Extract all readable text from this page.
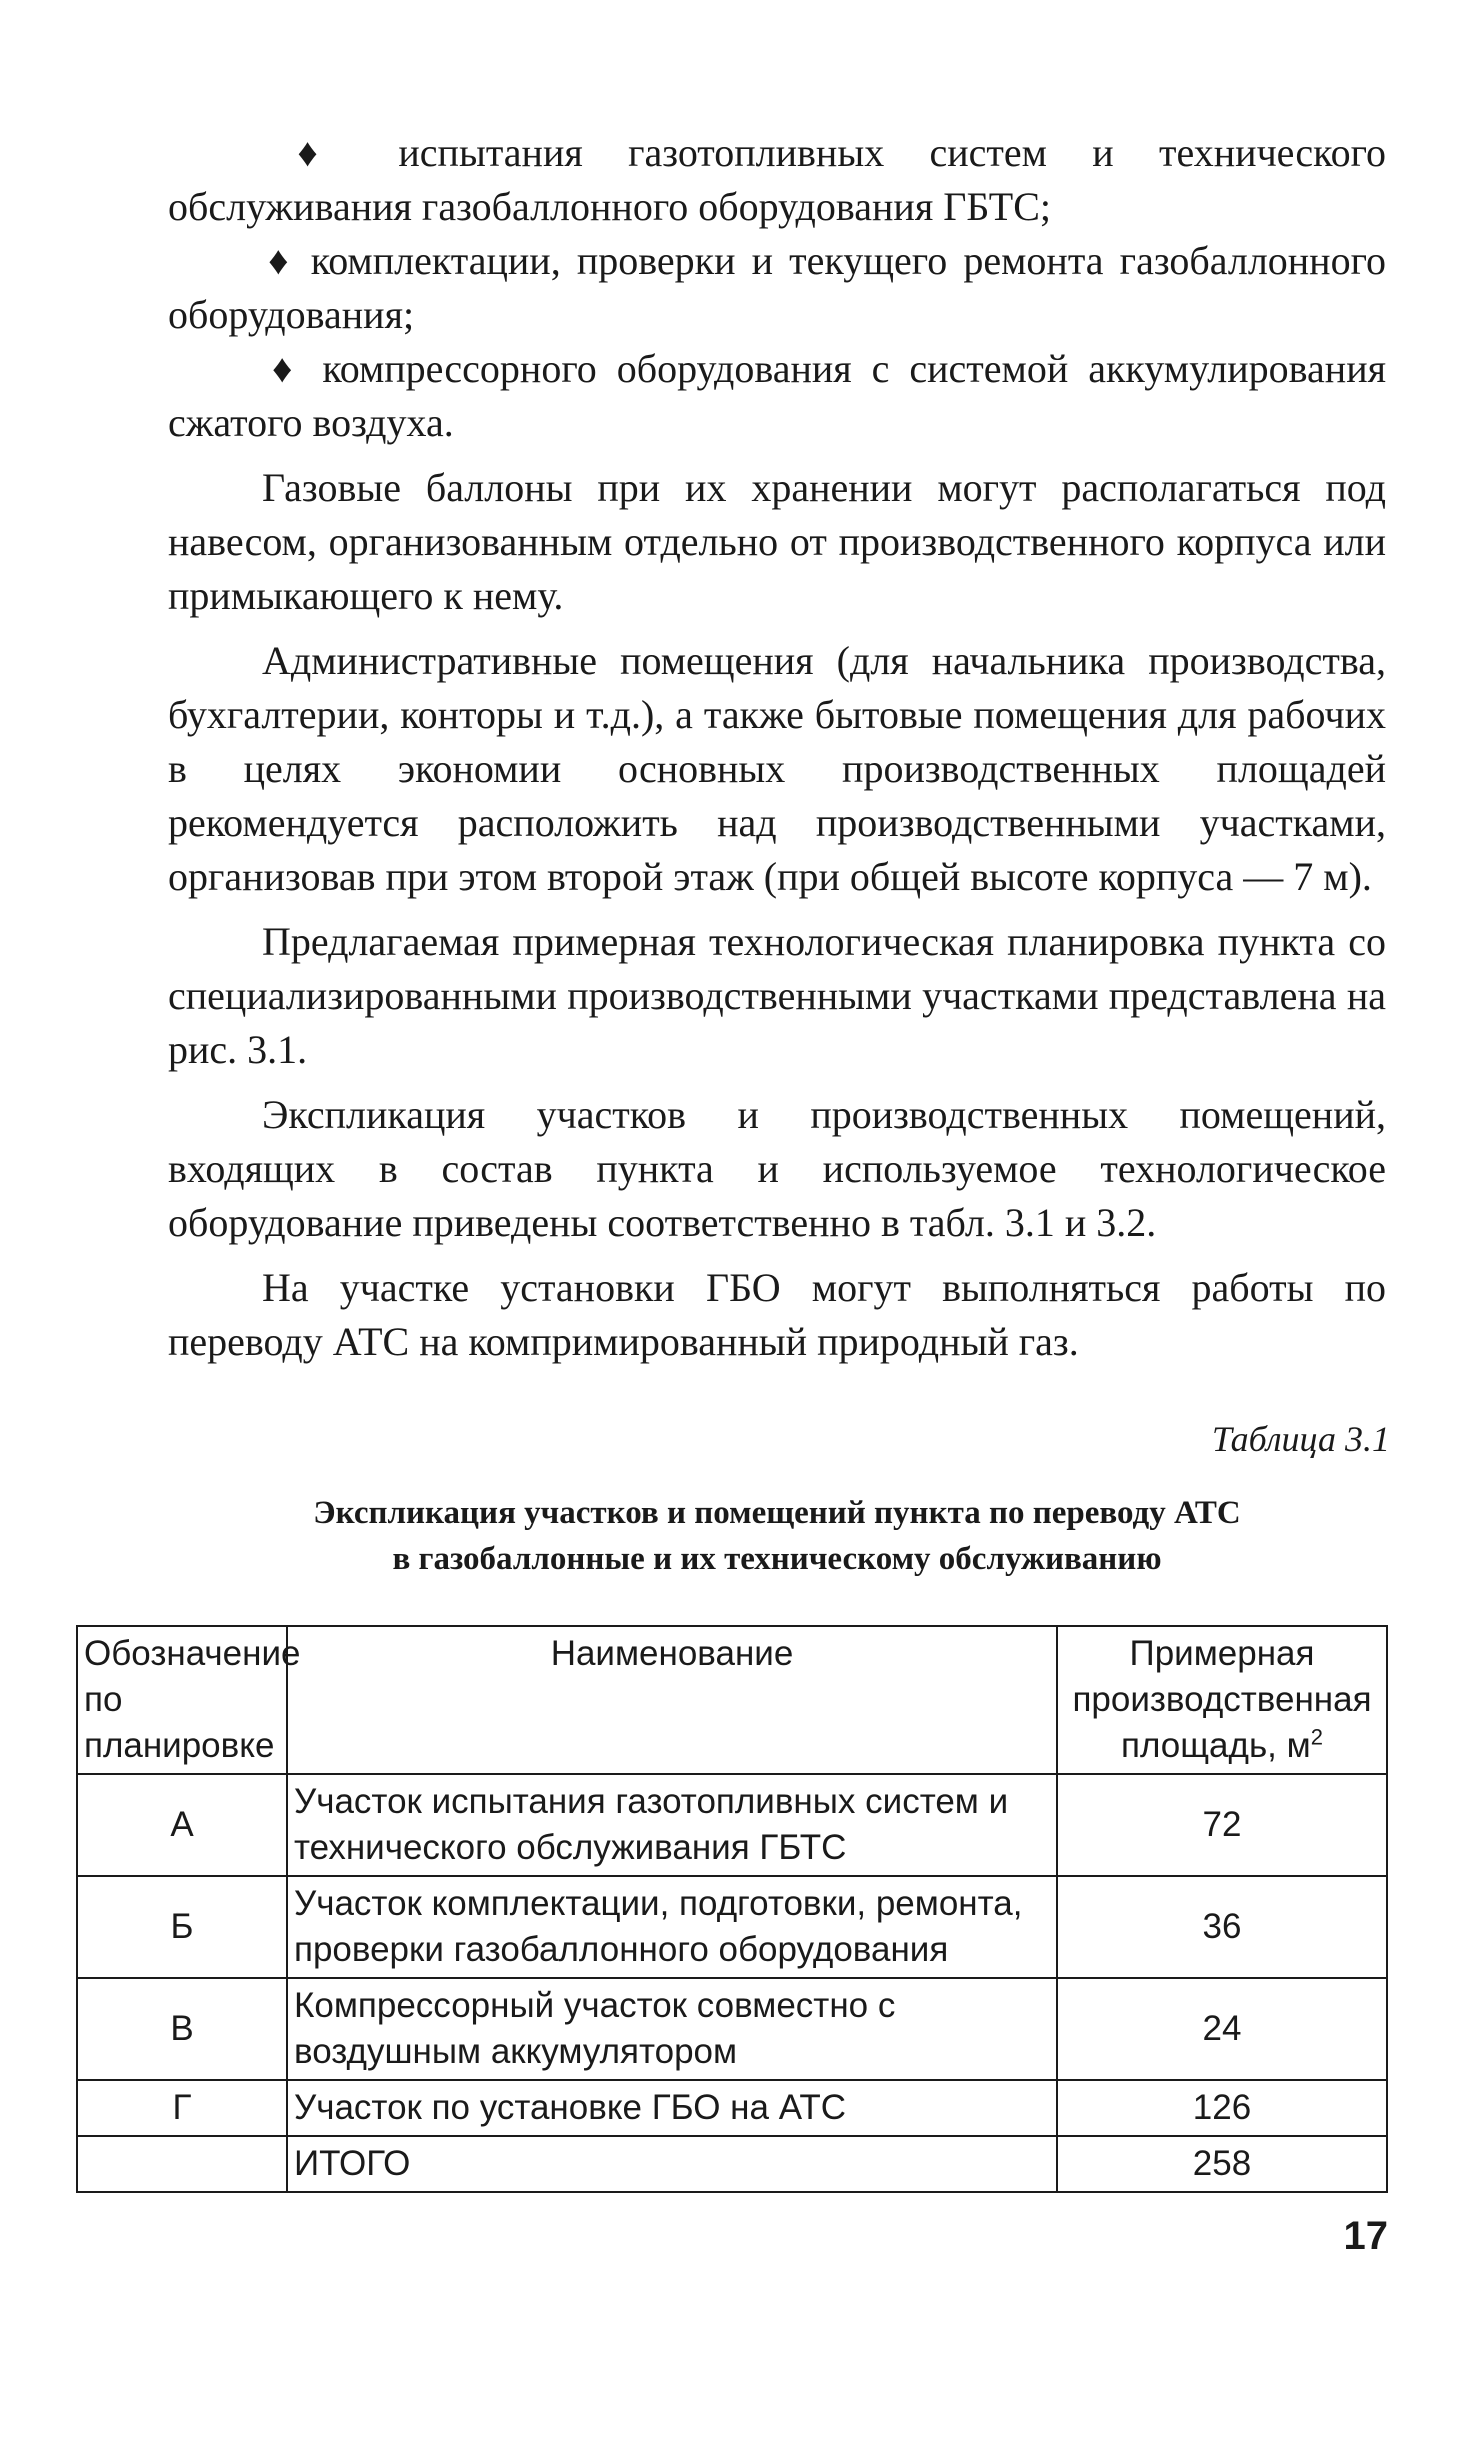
♦ испытания газотопливных систем и технического обслуживания газобаллонного оборудования ГБТС;

♦ комплектации, проверки и текущего ремонта газобаллонного оборудования;

♦ компрессорного оборудования с системой аккумулирования сжатого воздуха.

Газовые баллоны при их хранении могут располагаться под навесом, организованным отдельно от производственного корпуса или примыкающего к нему.

Административные помещения (для начальника производства, бухгалтерии, конторы и т.д.), а также бытовые помещения для рабочих в целях экономии основных производственных площадей рекомендуется расположить над производственными участками, организовав при этом второй этаж (при общей высоте корпуса — 7 м).

Предлагаемая примерная технологическая планировка пункта со специализированными производственными участками представлена на рис. 3.1.

Экспликация участков и производственных помещений, входящих в состав пункта и используемое технологическое оборудование приведены соответственно в табл. 3.1 и 3.2.

На участке установки ГБО могут выполняться работы по переводу АТС на компримированный природный газ.

Таблица 3.1
Экспликация участков и помещений пункта по переводу АТС
в газобаллонные и их техническому обслуживанию
Обозначение по планировке	Наименование	Примерная производственная площадь, $м^2$
А	Участок испытания газотопливных систем и технического обслуживания ГБТС	72
Б	Участок комплектации, подготовки, ремонта, проверки газобаллонного оборудования	36
В	Компрессорный участок совместно с воздушным аккумулятором	24
Г	Участок по установке ГБО на АТС	126
	ИТОГО	258
17
